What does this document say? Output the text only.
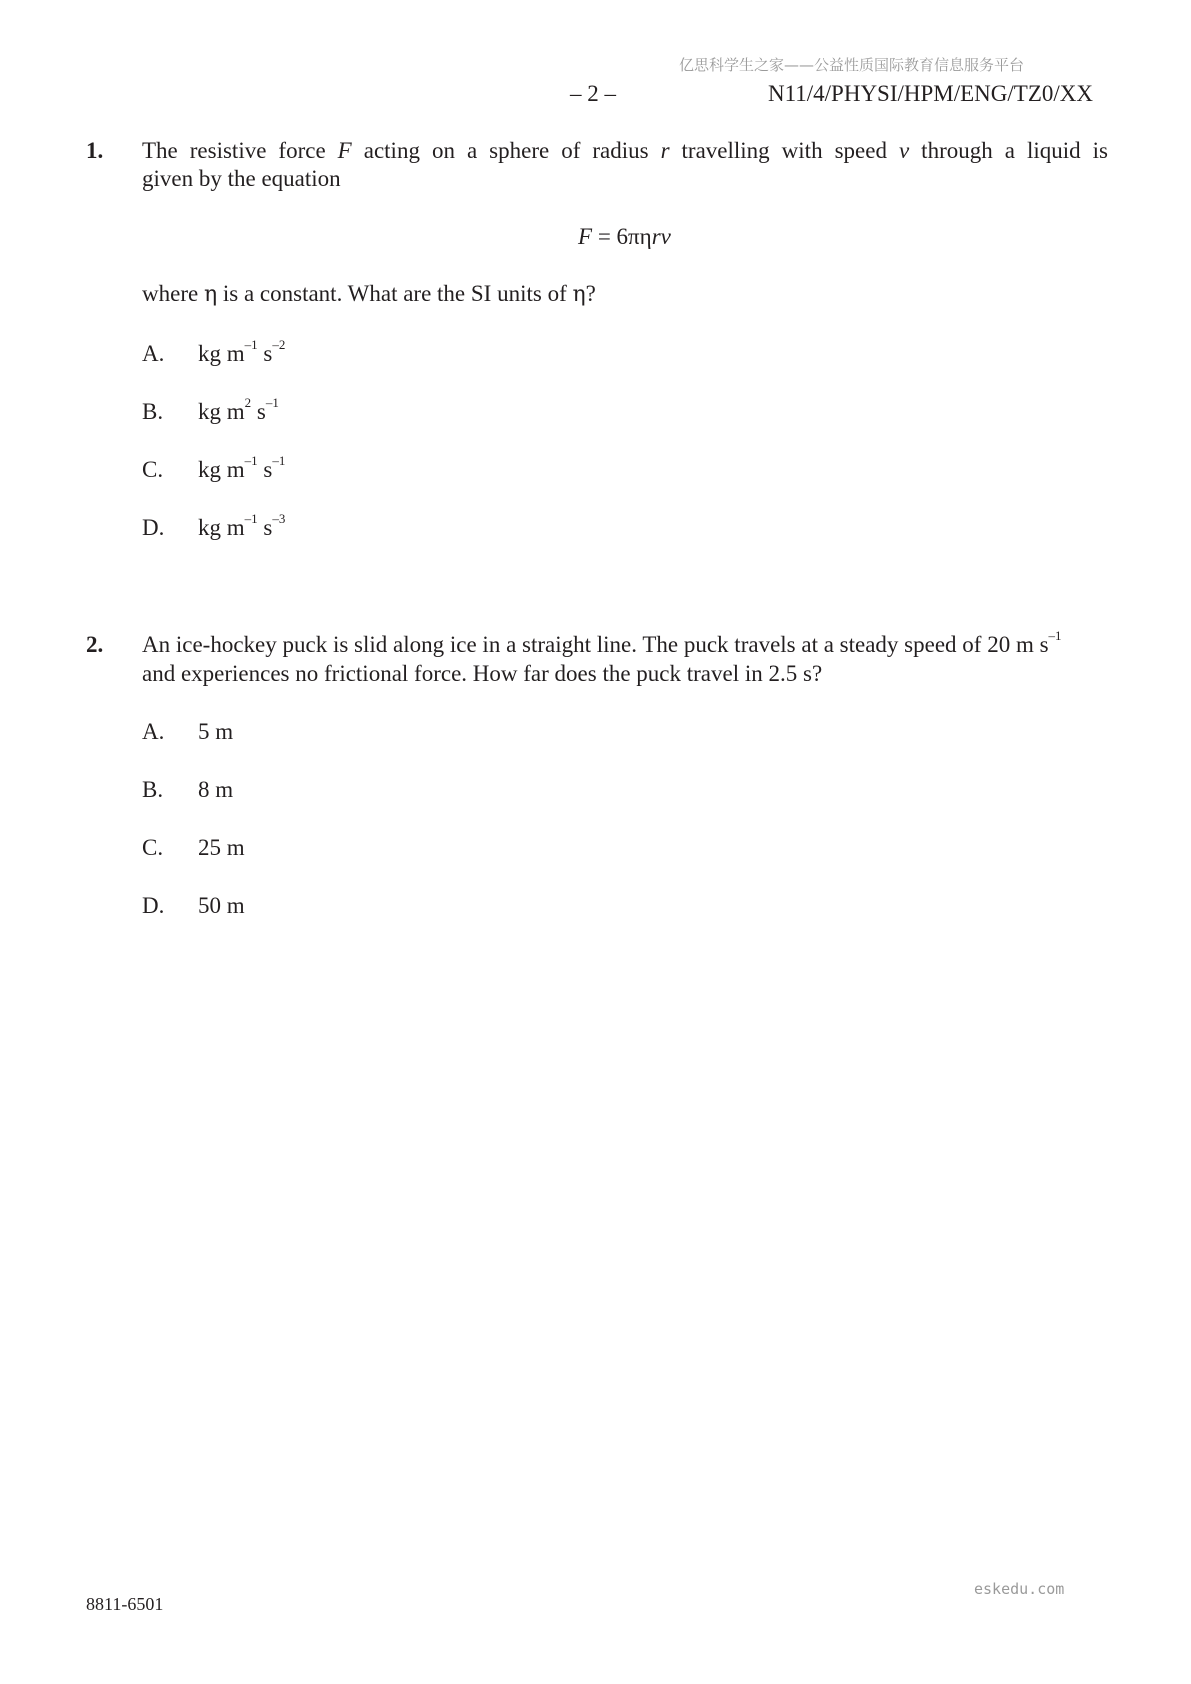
亿思科学生之家——公益性质国际教育信息服务平台
– 2 –	N11/4/PHYSI/HPM/ENG/TZ0/XX
1. The resistive force F acting on a sphere of radius r travelling with speed v through a liquid is
given by the equation
F = 6πηrv
where η is a constant. What are the SI units of η?
A. kg $m^{-1}$ $s^{-2}$
B. kg $m^2$ $s^{-1}$
C. kg $m^{-1}$ $s^{-1}$
D. kg $m^{-1}$ $s^{-3}$
2. An ice-hockey puck is slid along ice in a straight line. The puck travels at a steady speed of 20 m $s^{-1}$
and experiences no frictional force. How far does the puck travel in 2.5 s?
A. 5 m
B. 8 m
C. 25 m
D. 50 m
8811-6501
eskedu.com
